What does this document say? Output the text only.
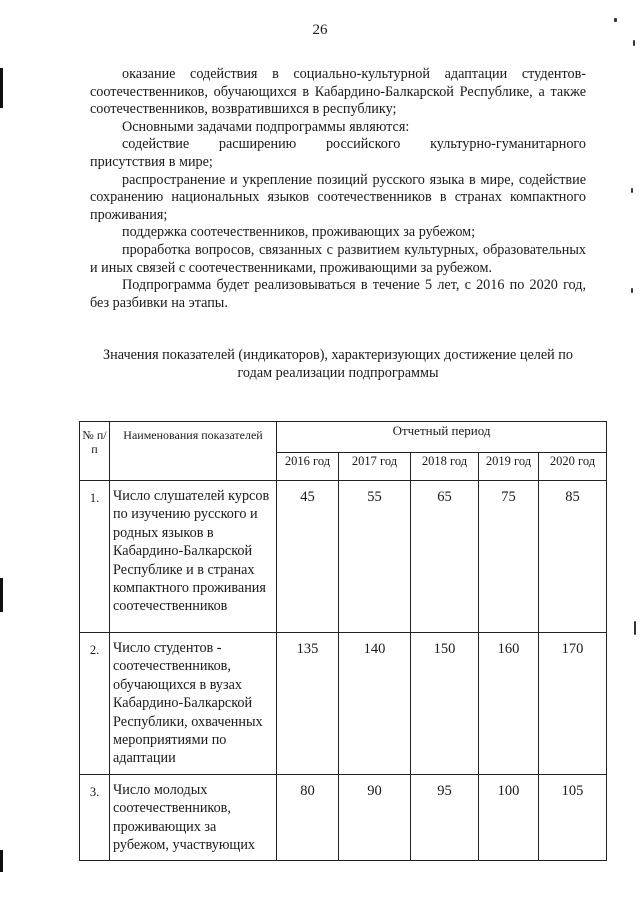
26

оказание содействия в социально-культурной адаптации студентов-соотечественников, обучающихся в Кабардино-Балкарской Республике, а также соотечественников, возвратившихся в республику;

Основными задачами подпрограммы являются:

содействие расширению российского культурно-гуманитарного присутствия в мире;

распространение и укрепление позиций русского языка в мире, содействие сохранению национальных языков соотечественников в странах компактного проживания;

поддержка соотечественников, проживающих за рубежом;

проработка вопросов, связанных с развитием культурных, образовательных и иных связей с соотечественниками, проживающими за рубежом.

Подпрограмма будет реализовываться в течение 5 лет, с 2016 по 2020 год, без разбивки на этапы.

Значения показателей (индикаторов), характеризующих достижение целей по годам реализации подпрограммы
№ п/п	Наименования показателей	Отчетный период				
		2016 год	2017 год	2018 год	2019 год	2020 год
1.	Число слушателей курсов по изучению русского и родных языков в Кабардино-Балкарской Республике и в странах компактного проживания соотечественников	45	55	65	75	85
2.	Число студентов - соотечественников, обучающихся в вузах Кабардино-Балкарской Республики, охваченных мероприятиями по адаптации	135	140	150	160	170
3.	Число молодых соотечественников, проживающих за рубежом, участвующих	80	90	95	100	105
